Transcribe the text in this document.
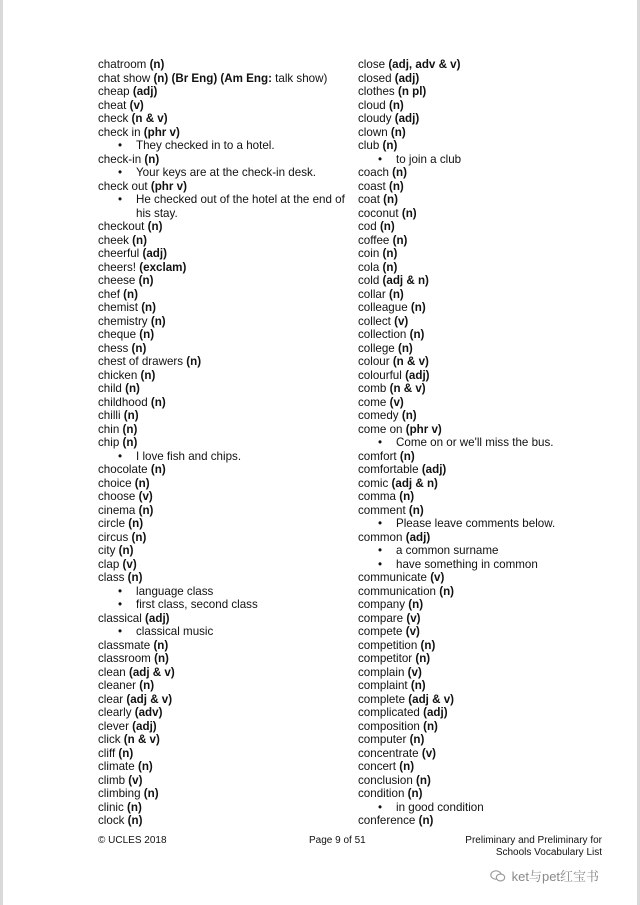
chatroom (n)
chat show (n) (Br Eng) (Am Eng: talk show)
cheap (adj)
cheat (v)
check (n & v)
check in (phr v)
• They checked in to a hotel.
check-in (n)
• Your keys are at the check-in desk.
check out (phr v)
• He checked out of the hotel at the end of his stay.
checkout (n)
cheek (n)
cheerful (adj)
cheers! (exclam)
cheese (n)
chef (n)
chemist (n)
chemistry (n)
cheque (n)
chess (n)
chest of drawers (n)
chicken (n)
child (n)
childhood (n)
chilli (n)
chin (n)
chip (n)
• I love fish and chips.
chocolate (n)
choice (n)
choose (v)
cinema (n)
circle (n)
circus (n)
city (n)
clap (v)
class (n)
• language class
• first class, second class
classical (adj)
• classical music
classmate (n)
classroom (n)
clean (adj & v)
cleaner (n)
clear (adj & v)
clearly (adv)
clever (adj)
click (n & v)
cliff (n)
climate (n)
climb (v)
climbing (n)
clinic (n)
clock (n)
close (adj, adv & v)
closed (adj)
clothes (n pl)
cloud (n)
cloudy (adj)
clown (n)
club (n)
• to join a club
coach (n)
coast (n)
coat (n)
coconut (n)
cod (n)
coffee (n)
coin (n)
cola (n)
cold (adj & n)
collar (n)
colleague (n)
collect (v)
collection (n)
college (n)
colour (n & v)
colourful (adj)
comb (n & v)
come (v)
comedy (n)
come on (phr v)
• Come on or we'll miss the bus.
comfort (n)
comfortable (adj)
comic (adj & n)
comma (n)
comment (n)
• Please leave comments below.
common (adj)
• a common surname
• have something in common
communicate (v)
communication (n)
company (n)
compare (v)
compete (v)
competition (n)
competitor (n)
complain (v)
complaint (n)
complete (adj & v)
complicated (adj)
composition (n)
computer (n)
concentrate (v)
concert (n)
conclusion (n)
condition (n)
• in good condition
conference (n)
© UCLES 2018	Page 9 of 51	Preliminary and Preliminary for
Schools Vocabulary List
ket与pet红宝书
